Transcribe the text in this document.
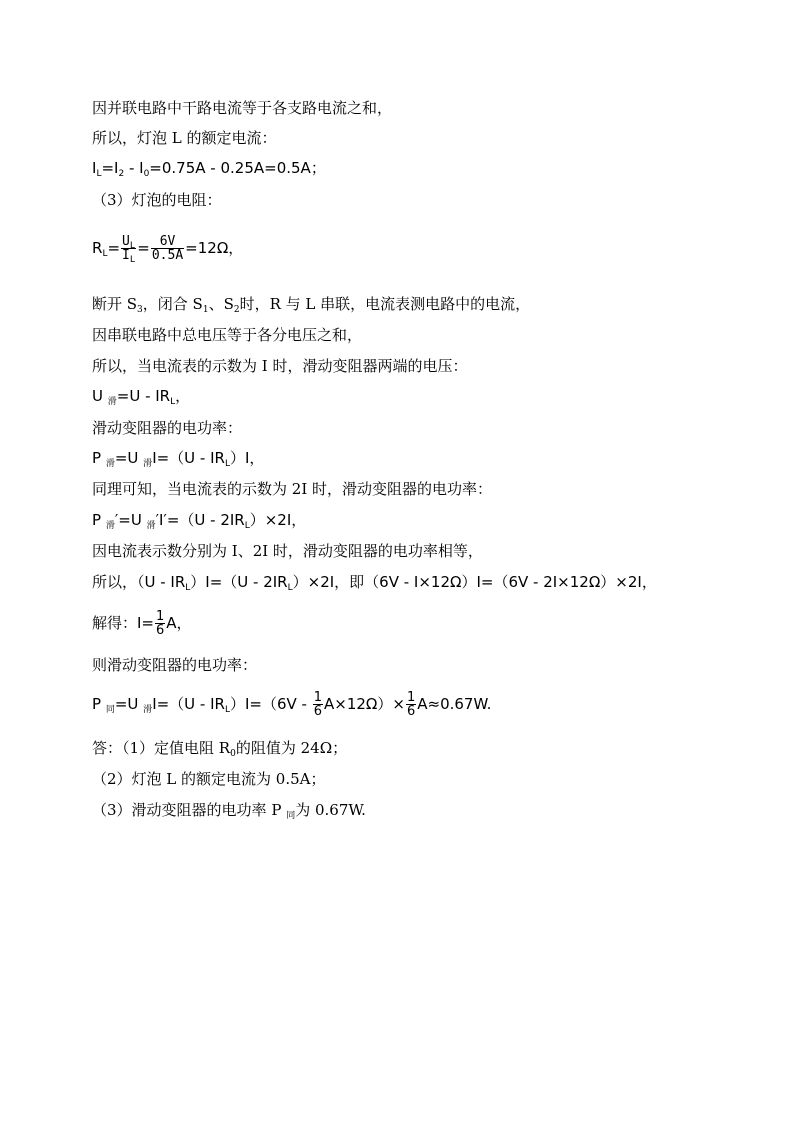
因并联电路中干路电流等于各支路电流之和，
所以，灯泡 L 的额定电流：
$I_L=I_2 - I_0=0.75A - 0.25A=0.5A$；
（3）灯泡的电阻：
$R_L= \frac{U_L}{I_L} = \frac{6V}{0.5A} =12\Omega$，
断开 $S_3$，闭合 $S_1$、$S_2$时，R 与 L 串联，电流表测电路中的电流，
因串联电路中总电压等于各分电压之和，
所以，当电流表的示数为 I 时，滑动变阻器两端的电压：
U $_滑=U - IR_L$，
滑动变阻器的电功率：
P $_滑$=U $_滑I=(U - IR_L)I$，
同理可知，当电流表的示数为 2I 时，滑动变阻器的电功率：
P $_滑$′=U $_滑'I'=(U - 2IR_L)\times 2I$，
因电流表示数分别为 I、2I 时，滑动变阻器的电功率相等，
所以，$(U - IR_L)I=(U - 2IR_L)\times 2I$，即（6V - I×12Ω）I=（6V - 2I×12Ω）×2I，
解得：$I= \frac{1}{6}$ A，
则滑动变阻器的电功率：
P $_同$=U $_滑I=(U - IR_L)I=(6V - \frac{1}{6} A\times 12\Omega)\times \frac{1}{6} A\approx 0.67W$.
答：（1）定值电阻 $R_0$的阻值为 24Ω；
（2）灯泡 L 的额定电流为 0.5A；
（3）滑动变阻器的电功率 P $_同$为 0.67W.
